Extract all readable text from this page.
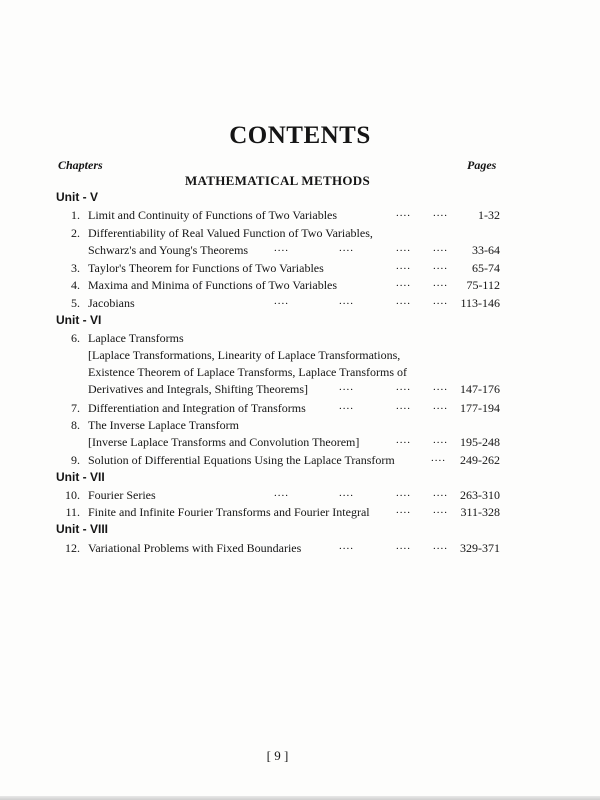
CONTENTS
Chapters	Pages
MATHEMATICAL METHODS
Unit - V
Unit - VI
Unit - VII
Unit - VIII
1. Limit and Continuity of Functions of Two Variables	.... ....	1-32
2. Differentiability of Real Valued Function of Two Variables,
Schwarz's and Young's Theorems ....	....	.... .... 33-64
3. Taylor's Theorem for Functions of Two Variables	.... .... 65-74
4. Maxima and Minima of Functions of Two Variables	.... .... 75-112
5. Jacobians	....	....	.... .... 113-146
6. Laplace Transforms
[Laplace Transformations, Linearity of Laplace Transformations,
Existence Theorem of Laplace Transforms, Laplace Transforms of
Derivatives and Integrals, Shifting Theorems]	....	.... .... 147-176
7. Differentiation and Integration of Transforms	....	.... .... 177-194
8. The Inverse Laplace Transform
[Inverse Laplace Transforms and Convolution Theorem]	.... .... 195-248
9. Solution of Differential Equations Using the Laplace Transform	.... 249-262
10. Fourier Series	....	....	.... .... 263-310
11. Finite and Infinite Fourier Transforms and Fourier Integral .... .... 311-328
12. Variational Problems with Fixed Boundaries	....	.... .... 329-371
[ 9 ]
